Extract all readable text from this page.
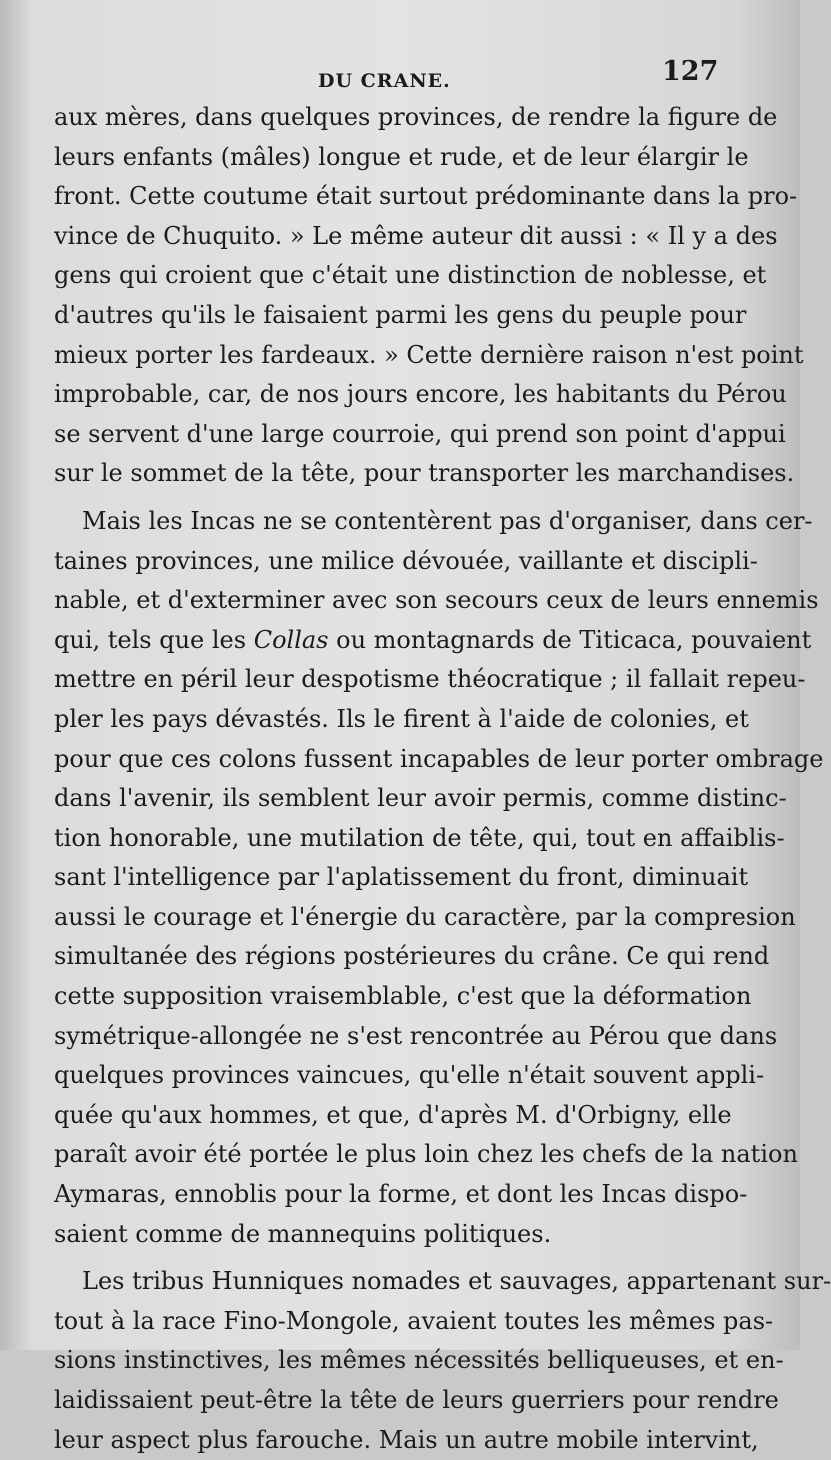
DU CRANE.	127
aux mères, dans quelques provinces, de rendre la figure de
leurs enfants (mâles) longue et rude, et de leur élargir le
front. Cette coutume était surtout prédominante dans la pro-
vince de Chuquito. » Le même auteur dit aussi : « Il y a des
gens qui croient que c'était une distinction de noblesse, et
d'autres qu'ils le faisaient parmi les gens du peuple pour
mieux porter les fardeaux. » Cette dernière raison n'est point
improbable, car, de nos jours encore, les habitants du Pérou
se servent d'une large courroie, qui prend son point d'appui
sur le sommet de la tête, pour transporter les marchandises.
Mais les Incas ne se contentèrent pas d'organiser, dans cer-
taines provinces, une milice dévouée, vaillante et discipli-
nable, et d'exterminer avec son secours ceux de leurs ennemis
qui, tels que les Collas ou montagnards de Titicaca, pouvaient
mettre en péril leur despotisme théocratique ; il fallait repeu-
pler les pays dévastés. Ils le firent à l'aide de colonies, et
pour que ces colons fussent incapables de leur porter ombrage
dans l'avenir, ils semblent leur avoir permis, comme distinc-
tion honorable, une mutilation de tête, qui, tout en affaiblis-
sant l'intelligence par l'aplatissement du front, diminuait
aussi le courage et l'énergie du caractère, par la compresion
simultanée des régions postérieures du crâne. Ce qui rend
cette supposition vraisemblable, c'est que la déformation
symétrique-allongée ne s'est rencontrée au Pérou que dans
quelques provinces vaincues, qu'elle n'était souvent appli-
quée qu'aux hommes, et que, d'après M. d'Orbigny, elle
paraît avoir été portée le plus loin chez les chefs de la nation
Aymaras, ennoblis pour la forme, et dont les Incas dispo-
saient comme de mannequins politiques.
Les tribus Hunniques nomades et sauvages, appartenant sur-
tout à la race Fino-Mongole, avaient toutes les mêmes pas-
sions instinctives, les mêmes nécessités belliqueuses, et en-
laidissaient peut-être la tête de leurs guerriers pour rendre
leur aspect plus farouche. Mais un autre mobile intervint,
